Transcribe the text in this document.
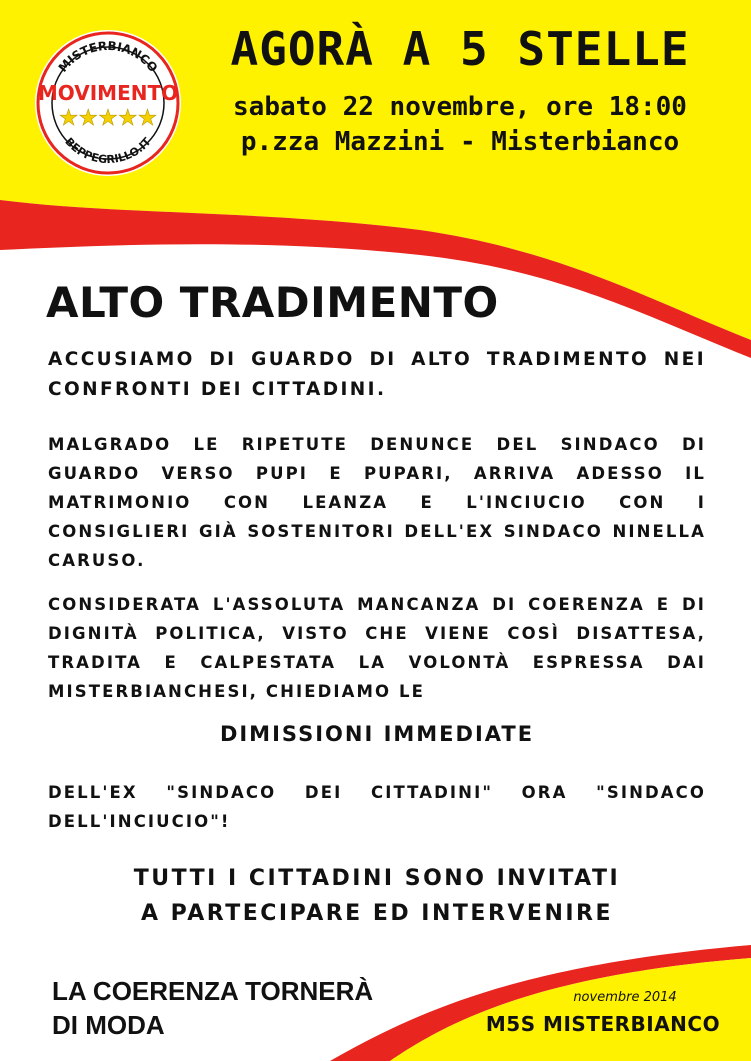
MISTERBIANCO
BEPPEGRILLO.IT
MOVIMENTO
★★★★★
AGORÀ A 5 STELLE
sabato 22 novembre, ore 18:00
p.zza Mazzini - Misterbianco
ALTO TRADIMENTO
ACCUSIAMO DI GUARDO DI ALTO TRADIMENTO NEI CONFRONTI DEI CITTADINI.
MALGRADO LE RIPETUTE DENUNCE DEL SINDACO DI GUARDO VERSO PUPI E PUPARI, ARRIVA ADESSO IL MATRIMONIO CON LEANZA E L'INCIUCIO CON I CONSIGLIERI GIÀ SOSTENITORI DELL'EX SINDACO NINELLA CARUSO.
CONSIDERATA L'ASSOLUTA MANCANZA DI COERENZA E DI DIGNITÀ POLITICA, VISTO CHE VIENE COSÌ DISATTESA, TRADITA E CALPESTATA LA VOLONTÀ ESPRESSA DAI MISTERBIANCHESI, CHIEDIAMO LE
DIMISSIONI IMMEDIATE
DELL'EX "SINDACO DEI CITTADINI" ORA "SINDACO DELL'INCIUCIO"!
TUTTI I CITTADINI SONO INVITATI
A PARTECIPARE ED INTERVENIRE
LA COERENZA TORNERÀ
DI MODA
novembre 2014
M5S MISTERBIANCO
